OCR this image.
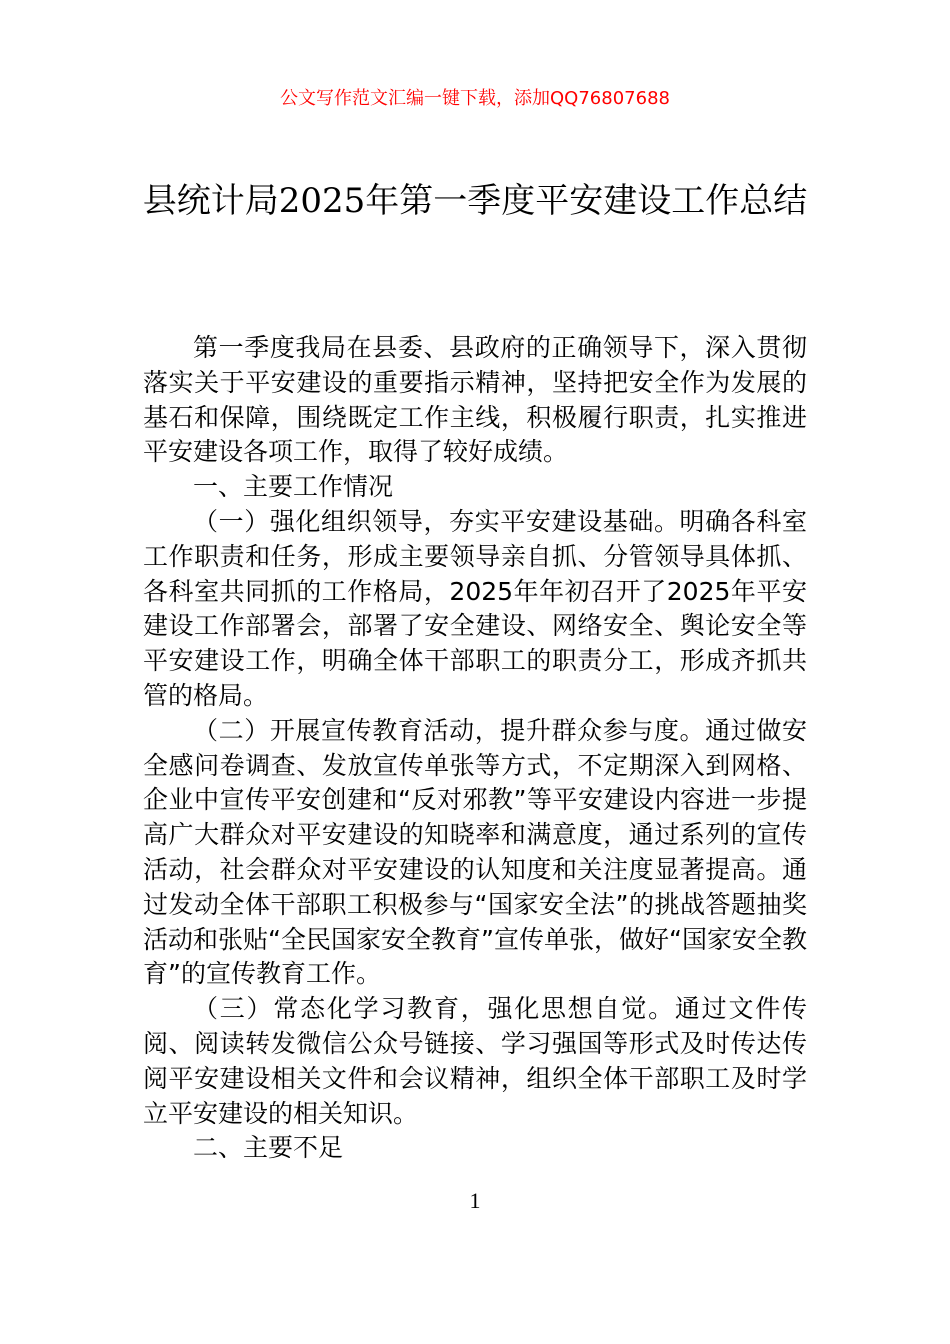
公文写作范文汇编一键下载，添加QQ76807688
县统计局2025年第一季度平安建设工作总结

第一季度我局在县委、县政府的正确领导下，深入贯彻落实关于平安建设的重要指示精神，坚持把安全作为发展的基石和保障，围绕既定工作主线，积极履行职责，扎实推进平安建设各项工作，取得了较好成绩。

一、主要工作情况

（一）强化组织领导，夯实平安建设基础。明确各科室工作职责和任务，形成主要领导亲自抓、分管领导具体抓、各科室共同抓的工作格局，2025年年初召开了2025年平安建设工作部署会，部署了安全建设、网络安全、舆论安全等平安建设工作，明确全体干部职工的职责分工，形成齐抓共管的格局。

（二）开展宣传教育活动，提升群众参与度。通过做安全感问卷调查、发放宣传单张等方式，不定期深入到网格、企业中宣传平安创建和“反对邪教”等平安建设内容进一步提高广大群众对平安建设的知晓率和满意度，通过系列的宣传活动，社会群众对平安建设的认知度和关注度显著提高。通过发动全体干部职工积极参与“国家安全法”的挑战答题抽奖活动和张贴“全民国家安全教育”宣传单张，做好“国家安全教育”的宣传教育工作。

（三）常态化学习教育，强化思想自觉。通过文件传阅、阅读转发微信公众号链接、学习强国等形式及时传达传阅平安建设相关文件和会议精神，组织全体干部职工及时学立平安建设的相关知识。

二、主要不足

1
